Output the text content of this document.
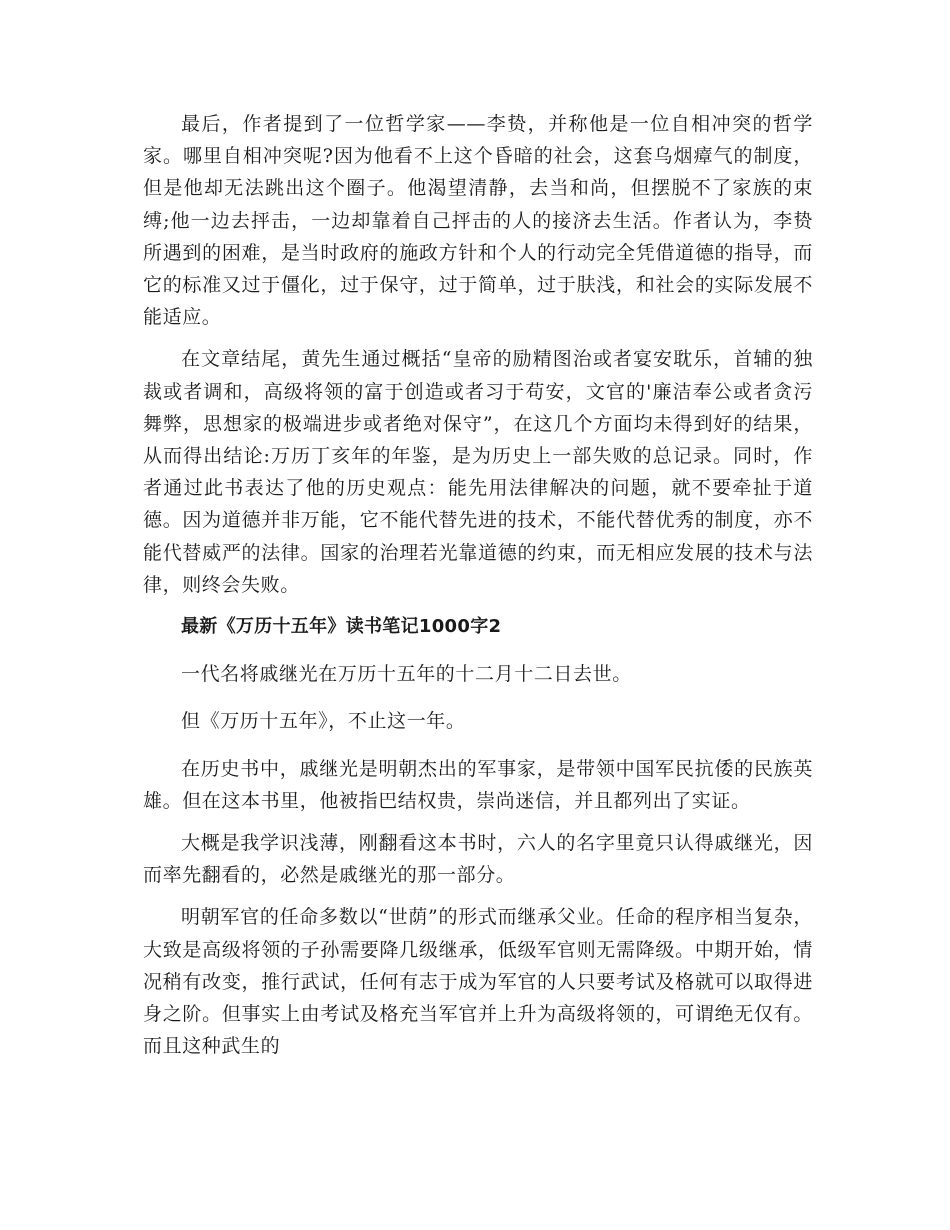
最后，作者提到了一位哲学家——李贽，并称他是一位自相冲突的哲学家。哪里自相冲突呢?因为他看不上这个昏暗的社会，这套乌烟瘴气的制度，但是他却无法跳出这个圈子。他渴望清静，去当和尚，但摆脱不了家族的束缚;他一边去抨击，一边却靠着自己抨击的人的接济去生活。作者认为，李贽所遇到的困难，是当时政府的施政方针和个人的行动完全凭借道德的指导，而它的标准又过于僵化，过于保守，过于简单，过于肤浅，和社会的实际发展不能适应。

在文章结尾，黄先生通过概括“皇帝的励精图治或者宴安耽乐，首辅的独裁或者调和，高级将领的富于创造或者习于苟安，文官的'廉洁奉公或者贪污舞弊，思想家的极端进步或者绝对保守”，在这几个方面均未得到好的结果，从而得出结论:万历丁亥年的年鉴，是为历史上一部失败的总记录。同时，作者通过此书表达了他的历史观点：能先用法律解决的问题，就不要牵扯于道德。因为道德并非万能，它不能代替先进的技术，不能代替优秀的制度，亦不能代替威严的法律。国家的治理若光靠道德的约束，而无相应发展的技术与法律，则终会失败。

最新《万历十五年》读书笔记1000字2

一代名将戚继光在万历十五年的十二月十二日去世。

但《万历十五年》，不止这一年。

在历史书中，戚继光是明朝杰出的军事家，是带领中国军民抗倭的民族英雄。但在这本书里，他被指巴结权贵，崇尚迷信，并且都列出了实证。

大概是我学识浅薄，刚翻看这本书时，六人的名字里竟只认得戚继光，因而率先翻看的，必然是戚继光的那一部分。

明朝军官的任命多数以“世荫”的形式而继承父业。任命的程序相当复杂，大致是高级将领的子孙需要降几级继承，低级军官则无需降级。中期开始，情况稍有改变，推行武试，任何有志于成为军官的人只要考试及格就可以取得进身之阶。但事实上由考试及格充当军官并上升为高级将领的，可谓绝无仅有。而且这种武生的
